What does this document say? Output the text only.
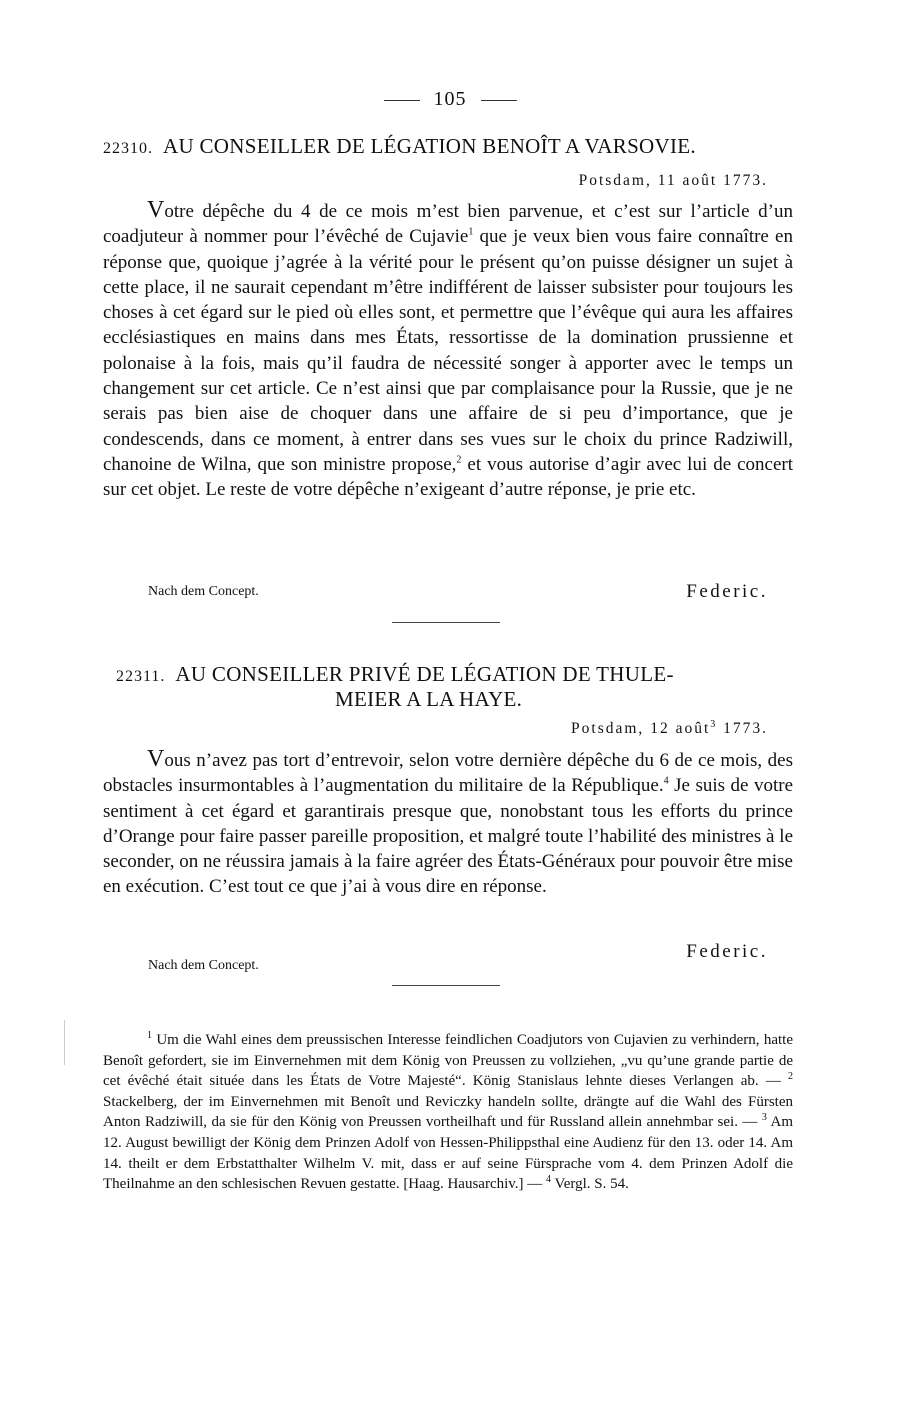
105
22310. AU CONSEILLER DE LÉGATION BENOÎT A VARSOVIE.
Potsdam, 11 août 1773.

Votre dépêche du 4 de ce mois m’est bien parvenue, et c’est sur l’article d’un coadjuteur à nommer pour l’évêché de Cujavie$^1$ que je veux bien vous faire connaître en réponse que, quoique j’agrée à la vérité pour le présent qu’on puisse désigner un sujet à cette place, il ne saurait cependant m’être indifférent de laisser subsister pour toujours les choses à cet égard sur le pied où elles sont, et permettre que l’évêque qui aura les affaires ecclésiastiques en mains dans mes États, ressortisse de la domination prussienne et polonaise à la fois, mais qu’il faudra de nécessité songer à apporter avec le temps un changement sur cet article. Ce n’est ainsi que par complaisance pour la Russie, que je ne serais pas bien aise de choquer dans une affaire de si peu d’importance, que je condescends, dans ce moment, à entrer dans ses vues sur le choix du prince Radziwill, chanoine de Wilna, que son ministre propose,$^2$ et vous autorise d’agir avec lui de concert sur cet objet. Le reste de votre dépêche n’exigeant d’autre réponse, je prie etc.

Nach dem Concept.	Federic.
22311. AU CONSEILLER PRIVÉ DE LÉGATION DE THULE-
MEIER A LA HAYE.
Potsdam, 12 août$^3$ 1773.

Vous n’avez pas tort d’entrevoir, selon votre dernière dépêche du 6 de ce mois, des obstacles insurmontables à l’augmentation du militaire de la République.$^4$ Je suis de votre sentiment à cet égard et garantirais presque que, nonobstant tous les efforts du prince d’Orange pour faire passer pareille proposition, et malgré toute l’habilité des ministres à le seconder, on ne réussira jamais à la faire agréer des États-Généraux pour pouvoir être mise en exécution. C’est tout ce que j’ai à vous dire en réponse.

Nach dem Concept.
Federic.

$^1$ Um die Wahl eines dem preussischen Interesse feindlichen Coadjutors von Cujavien zu verhindern, hatte Benoît gefordert, sie im Einvernehmen mit dem König von Preussen zu vollziehen, „vu qu’une grande partie de cet évêché était située dans les États de Votre Majesté“. König Stanislaus lehnte dieses Verlangen ab. — $^2$ Stackelberg, der im Einvernehmen mit Benoît und Reviczky handeln sollte, drängte auf die Wahl des Fürsten Anton Radziwill, da sie für den König von Preussen vortheilhaft und für Russland allein annehmbar sei. — $^3$ Am 12. August bewilligt der König dem Prinzen Adolf von Hessen-Philippsthal eine Audienz für den 13. oder 14. Am 14. theilt er dem Erbstatthalter Wilhelm V. mit, dass er auf seine Fürsprache vom 4. dem Prinzen Adolf die Theilnahme an den schlesischen Revuen gestatte. [Haag. Hausarchiv.] — $^4$ Vergl. S. 54.
